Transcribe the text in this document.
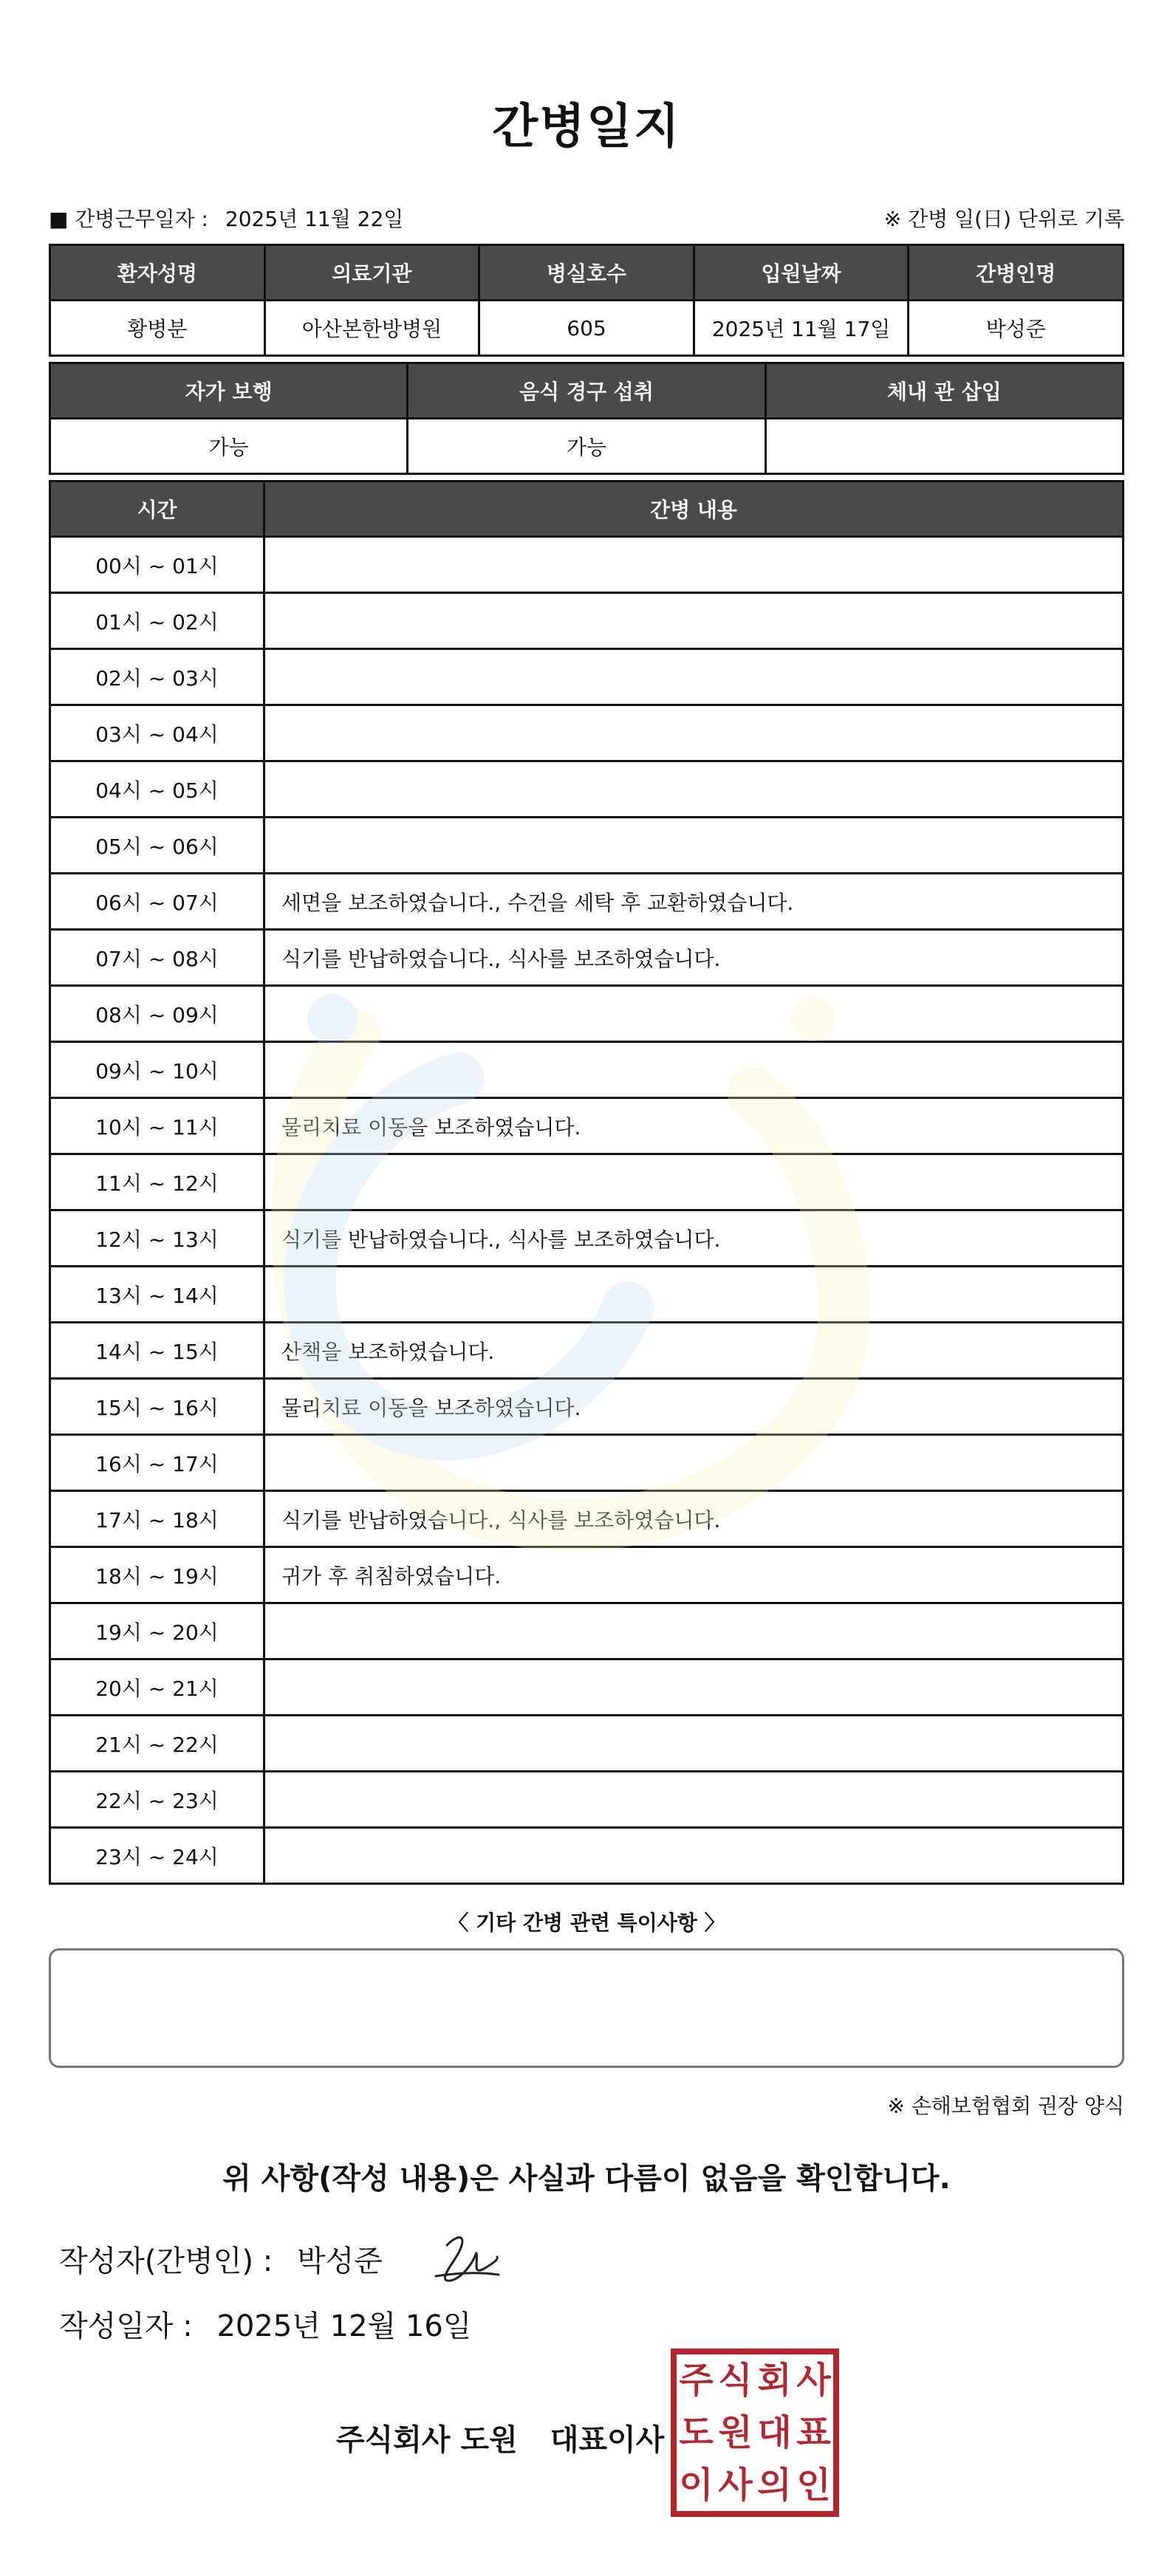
간병일지
■ 간병근무일자 : 2025년 11월 22일	※ 간병 일(日) 단위로 기록
환자성명	의료기관	병실호수	입원날짜	간병인명
황병분	아산본한방병원	605	2025년 11월 17일	박성준
자가 보행	음식 경구 섭취	체내 관 삽입
가능	가능	
시간	간병 내용
00시 ~ 01시	
01시 ~ 02시	
02시 ~ 03시	
03시 ~ 04시	
04시 ~ 05시	
05시 ~ 06시	
06시 ~ 07시	세면을 보조하였습니다., 수건을 세탁 후 교환하였습니다.
07시 ~ 08시	식기를 반납하였습니다., 식사를 보조하였습니다.
08시 ~ 09시	
09시 ~ 10시	
10시 ~ 11시	물리치료 이동을 보조하였습니다.
11시 ~ 12시	
12시 ~ 13시	식기를 반납하였습니다., 식사를 보조하였습니다.
13시 ~ 14시	
14시 ~ 15시	산책을 보조하였습니다.
15시 ~ 16시	물리치료 이동을 보조하였습니다.
16시 ~ 17시	
17시 ~ 18시	식기를 반납하였습니다., 식사를 보조하였습니다.
18시 ~ 19시	귀가 후 취침하였습니다.
19시 ~ 20시	
20시 ~ 21시	
21시 ~ 22시	
22시 ~ 23시	
23시 ~ 24시	
〈 기타 간병 관련 특이사항 〉
※ 손해보험협회 권장 양식
위 사항(작성 내용)은 사실과 다름이 없음을 확인합니다.
작성자(간병인) : 박성준
작성일자 : 2025년 12월 16일
주식회사 도원 대표이사
주 식 회 사
도 원 대 표
이 사 의 인
